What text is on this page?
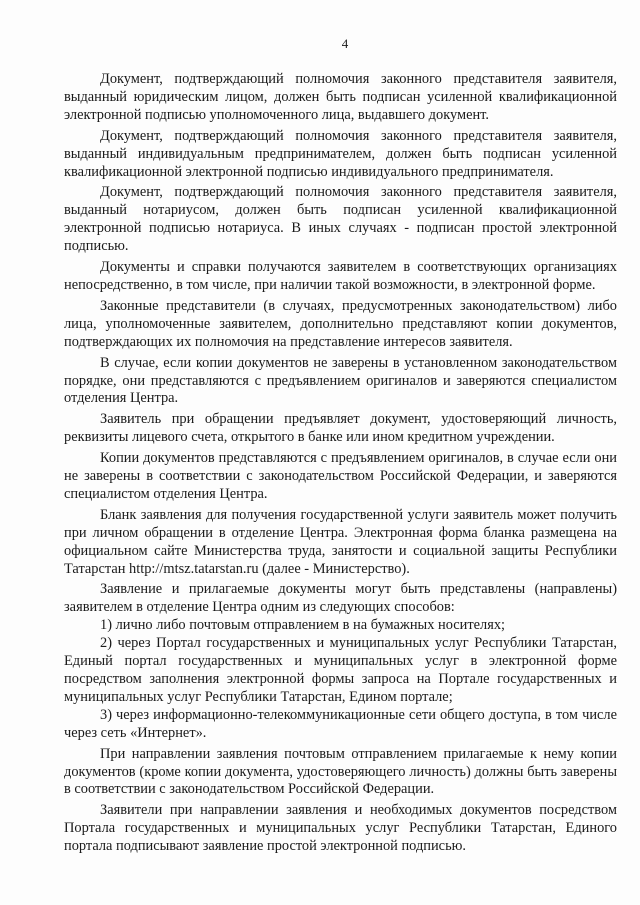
4

Документ, подтверждающий полномочия законного представителя заявителя, выданный юридическим лицом, должен быть подписан усиленной квалификационной электронной подписью уполномоченного лица, выдавшего документ.

Документ, подтверждающий полномочия законного представителя заявителя, выданный индивидуальным предпринимателем, должен быть подписан усиленной квалификационной электронной подписью индивидуального предпринимателя.

Документ, подтверждающий полномочия законного представителя заявителя, выданный нотариусом, должен быть подписан усиленной квалификационной электронной подписью нотариуса. В иных случаях - подписан простой электронной подписью.

Документы и справки получаются заявителем в соответствующих организациях непосредственно, в том числе, при наличии такой возможности, в электронной форме.

Законные представители (в случаях, предусмотренных законодательством) либо лица, уполномоченные заявителем, дополнительно представляют копии документов, подтверждающих их полномочия на представление интересов заявителя.

В случае, если копии документов не заверены в установленном законодательством порядке, они представляются с предъявлением оригиналов и заверяются специалистом отделения Центра.

Заявитель при обращении предъявляет документ, удостоверяющий личность, реквизиты лицевого счета, открытого в банке или ином кредитном учреждении.

Копии документов представляются с предъявлением оригиналов, в случае если они не заверены в соответствии с законодательством Российской Федерации, и заверяются специалистом отделения Центра.

Бланк заявления для получения государственной услуги заявитель может получить при личном обращении в отделение Центра. Электронная форма бланка размещена на официальном сайте Министерства труда, занятости и социальной защиты Республики Татарстан http://mtsz.tatarstan.ru (далее - Министерство).

Заявление и прилагаемые документы могут быть представлены (направлены) заявителем в отделение Центра одним из следующих способов:

1) лично либо почтовым отправлением в на бумажных носителях;

2) через Портал государственных и муниципальных услуг Республики Татарстан, Единый портал государственных и муниципальных услуг в электронной форме посредством заполнения электронной формы запроса на Портале государственных и муниципальных услуг Республики Татарстан, Едином портале;

3) через информационно-телекоммуникационные сети общего доступа, в том числе через сеть «Интернет».

При направлении заявления почтовым отправлением прилагаемые к нему копии документов (кроме копии документа, удостоверяющего личность) должны быть заверены в соответствии с законодательством Российской Федерации.

Заявители при направлении заявления и необходимых документов посредством Портала государственных и муниципальных услуг Республики Татарстан, Единого портала подписывают заявление простой электронной подписью.
